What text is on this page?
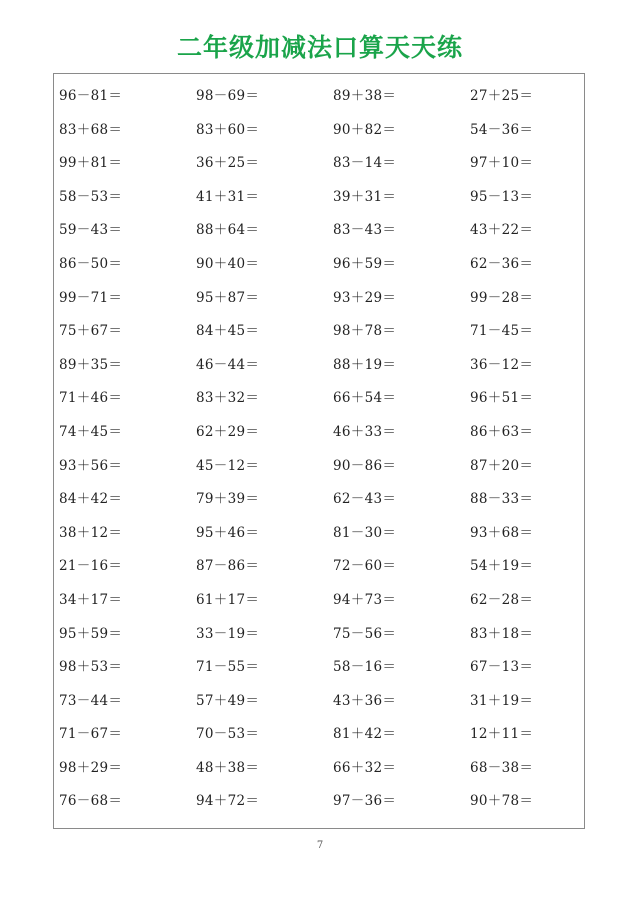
二年级加减法口算天天练
96－81＝	98－69＝	89＋38＝	27＋25＝
83＋68＝	83＋60＝	90＋82＝	54－36＝
99＋81＝	36＋25＝	83－14＝	97＋10＝
58－53＝	41＋31＝	39＋31＝	95－13＝
59－43＝	88＋64＝	83－43＝	43＋22＝
86－50＝	90＋40＝	96＋59＝	62－36＝
99－71＝	95＋87＝	93＋29＝	99－28＝
75＋67＝	84＋45＝	98＋78＝	71－45＝
89＋35＝	46－44＝	88＋19＝	36－12＝
71＋46＝	83＋32＝	66＋54＝	96＋51＝
74＋45＝	62＋29＝	46＋33＝	86＋63＝
93＋56＝	45－12＝	90－86＝	87＋20＝
84＋42＝	79＋39＝	62－43＝	88－33＝
38＋12＝	95＋46＝	81－30＝	93＋68＝
21－16＝	87－86＝	72－60＝	54＋19＝
34＋17＝	61＋17＝	94＋73＝	62－28＝
95＋59＝	33－19＝	75－56＝	83＋18＝
98＋53＝	71－55＝	58－16＝	67－13＝
73－44＝	57＋49＝	43＋36＝	31＋19＝
71－67＝	70－53＝	81＋42＝	12＋11＝
98＋29＝	48＋38＝	66＋32＝	68－38＝
76－68＝	94＋72＝	97－36＝	90＋78＝
7
